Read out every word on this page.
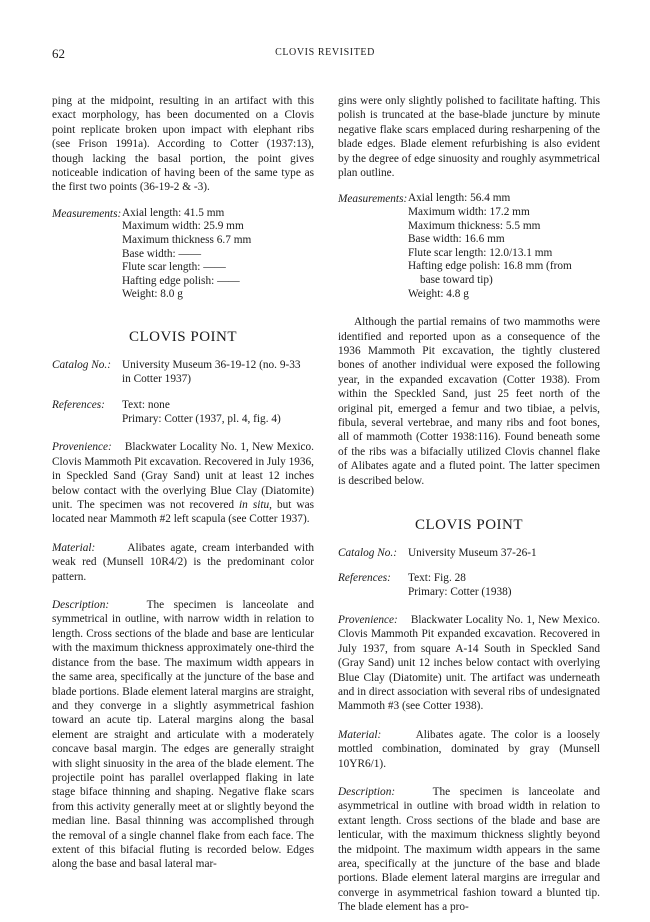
62	CLOVIS REVISITED

ping at the midpoint, resulting in an artifact with this exact morphology, has been documented on a Clovis point replicate broken upon impact with elephant ribs (see Frison 1991a). According to Cotter (1937:13), though lacking the basal portion, the point gives noticeable indication of having been of the same type as the first two points (36-19-2 & -3).

Measurements: Axial length: 41.5 mm
Maximum width: 25.9 mm
Maximum thickness 6.7 mm
Base width: ——
Flute scar length: ——
Hafting edge polish: ——
Weight: 8.0 g
CLOVIS POINT
Catalog No.: University Museum 36-19-12 (no. 9-33
in Cotter 1937)
References:	Text: none
Primary: Cotter (1937, pl. 4, fig. 4)

Provenience: Blackwater Locality No. 1, New Mexico. Clovis Mammoth Pit excavation. Recovered in July 1936, in Speckled Sand (Gray Sand) unit at least 12 inches below contact with the overlying Blue Clay (Diatomite) unit. The specimen was not recovered in situ, but was located near Mammoth #2 left scapula (see Cotter 1937).

Material:	Alibates agate, cream interbanded with weak red (Munsell 10R4/2) is the predominant color pattern.

Description:	The specimen is lanceolate and symmetrical in outline, with narrow width in relation to length. Cross sections of the blade and base are lenticular with the maximum thickness approximately one-third the distance from the base. The maximum width appears in the same area, specifically at the juncture of the base and blade portions. Blade element lateral margins are straight, and they converge in a slightly asymmetrical fashion toward an acute tip. Lateral margins along the basal element are straight and articulate with a moderately concave basal margin. The edges are generally straight with slight sinuosity in the area of the blade element. The projectile point has parallel overlapped flaking in late stage biface thinning and shaping. Negative flake scars from this activity generally meet at or slightly beyond the median line. Basal thinning was accomplished through the removal of a single channel flake from each face. The extent of this bifacial fluting is recorded below. Edges along the base and basal lateral mar-

gins were only slightly polished to facilitate hafting. This polish is truncated at the base-blade juncture by minute negative flake scars emplaced during resharpening of the blade edges. Blade element refurbishing is also evident by the degree of edge sinuosity and roughly asymmetrical plan outline.

Measurements: Axial length: 56.4 mm
Maximum width: 17.2 mm
Maximum thickness: 5.5 mm
Base width: 16.6 mm
Flute scar length: 12.0/13.1 mm
Hafting edge polish: 16.8 mm (from
base toward tip)
Weight: 4.8 g

Although the partial remains of two mammoths were identified and reported upon as a consequence of the 1936 Mammoth Pit excavation, the tightly clustered bones of another individual were exposed the following year, in the expanded excavation (Cotter 1938). From within the Speckled Sand, just 25 feet north of the original pit, emerged a femur and two tibiae, a pelvis, fibula, several vertebrae, and many ribs and foot bones, all of mammoth (Cotter 1938:116). Found beneath some of the ribs was a bifacially utilized Clovis channel flake of Alibates agate and a fluted point. The latter specimen is described below.

CLOVIS POINT
Catalog No.: University Museum 37-26-1
References:	Text: Fig. 28
Primary: Cotter (1938)

Provenience: Blackwater Locality No. 1, New Mexico. Clovis Mammoth Pit expanded excavation. Recovered in July 1937, from square A-14 South in Speckled Sand (Gray Sand) unit 12 inches below contact with overlying Blue Clay (Diatomite) unit. The artifact was underneath and in direct association with several ribs of undesignated Mammoth #3 (see Cotter 1938).

Material:	Alibates agate. The color is a loosely mottled combination, dominated by gray (Munsell 10YR6/1).

Description:	The specimen is lanceolate and asymmetrical in outline with broad width in relation to extant length. Cross sections of the blade and base are lenticular, with the maximum thickness slightly beyond the midpoint. The maximum width appears in the same area, specifically at the juncture of the base and blade portions. Blade element lateral margins are irregular and converge in asymmetrical fashion toward a blunted tip. The blade element has a pro-
